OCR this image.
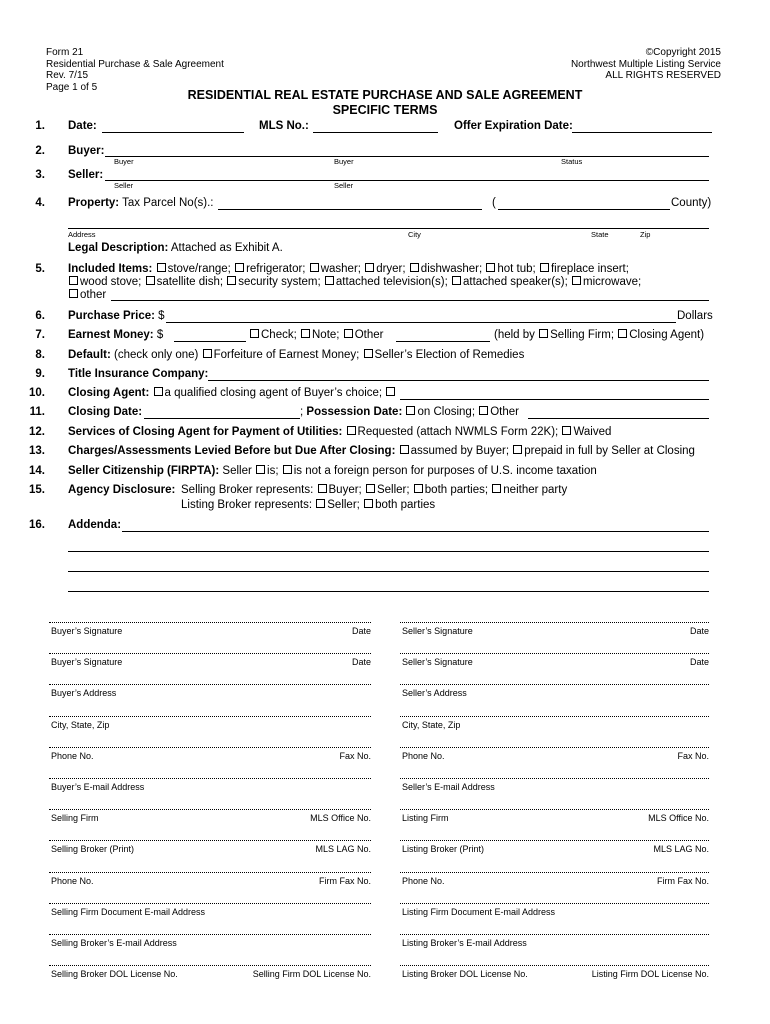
Form 21
Residential Purchase & Sale Agreement
Rev. 7/15
Page 1 of 5
©Copyright 2015
Northwest Multiple Listing Service
ALL RIGHTS RESERVED
RESIDENTIAL REAL ESTATE PURCHASE AND SALE AGREEMENT
SPECIFIC TERMS
1. Date:	MLS No.:	Offer Expiration Date:
2. Buyer:
Buyer	Buyer	Status
3. Seller:
Seller	Seller
4. Property: Tax Parcel No(s).:	(	County)
Address	City	State	Zip
Legal Description: Attached as Exhibit A.
5. Included Items: stove/range; refrigerator; washer; dryer; dishwasher; hot tub; fireplace insert;
wood stove; satellite dish; security system; attached television(s); attached speaker(s); microwave;
other
6. Purchase Price: $	Dollars
7. Earnest Money: $	Check; Note; Other	(held by Selling Firm; Closing Agent)
8. Default: (check only one) Forfeiture of Earnest Money; Seller’s Election of Remedies
9. Title Insurance Company:
10. Closing Agent: a qualified closing agent of Buyer’s choice;
11. Closing Date:	; Possession Date: on Closing; Other
12. Services of Closing Agent for Payment of Utilities: Requested (attach NWMLS Form 22K); Waived
13. Charges/Assessments Levied Before but Due After Closing: assumed by Buyer; prepaid in full by Seller at Closing
14. Seller Citizenship (FIRPTA): Seller is; is not a foreign person for purposes of U.S. income taxation
15. Agency Disclosure: Selling Broker represents: Buyer; Seller; both parties; neither party
Listing Broker represents: Seller; both parties
16. Addenda:
Buyer’s Signature	Date
Buyer’s Signature	Date
Buyer’s Address
City, State, Zip
Phone No.	Fax No.
Buyer’s E-mail Address
Selling Firm	MLS Office No.
Selling Broker (Print)	MLS LAG No.
Phone No.	Firm Fax No.
Selling Firm Document E-mail Address
Selling Broker’s E-mail Address
Selling Broker DOL License No.	Selling Firm DOL License No.
Seller’s Signature	Date
Seller’s Signature	Date
Seller’s Address
City, State, Zip
Phone No.	Fax No.
Seller’s E-mail Address
Listing Firm	MLS Office No.
Listing Broker (Print)	MLS LAG No.
Phone No.	Firm Fax No.
Listing Firm Document E-mail Address
Listing Broker’s E-mail Address
Listing Broker DOL License No.	Listing Firm DOL License No.
